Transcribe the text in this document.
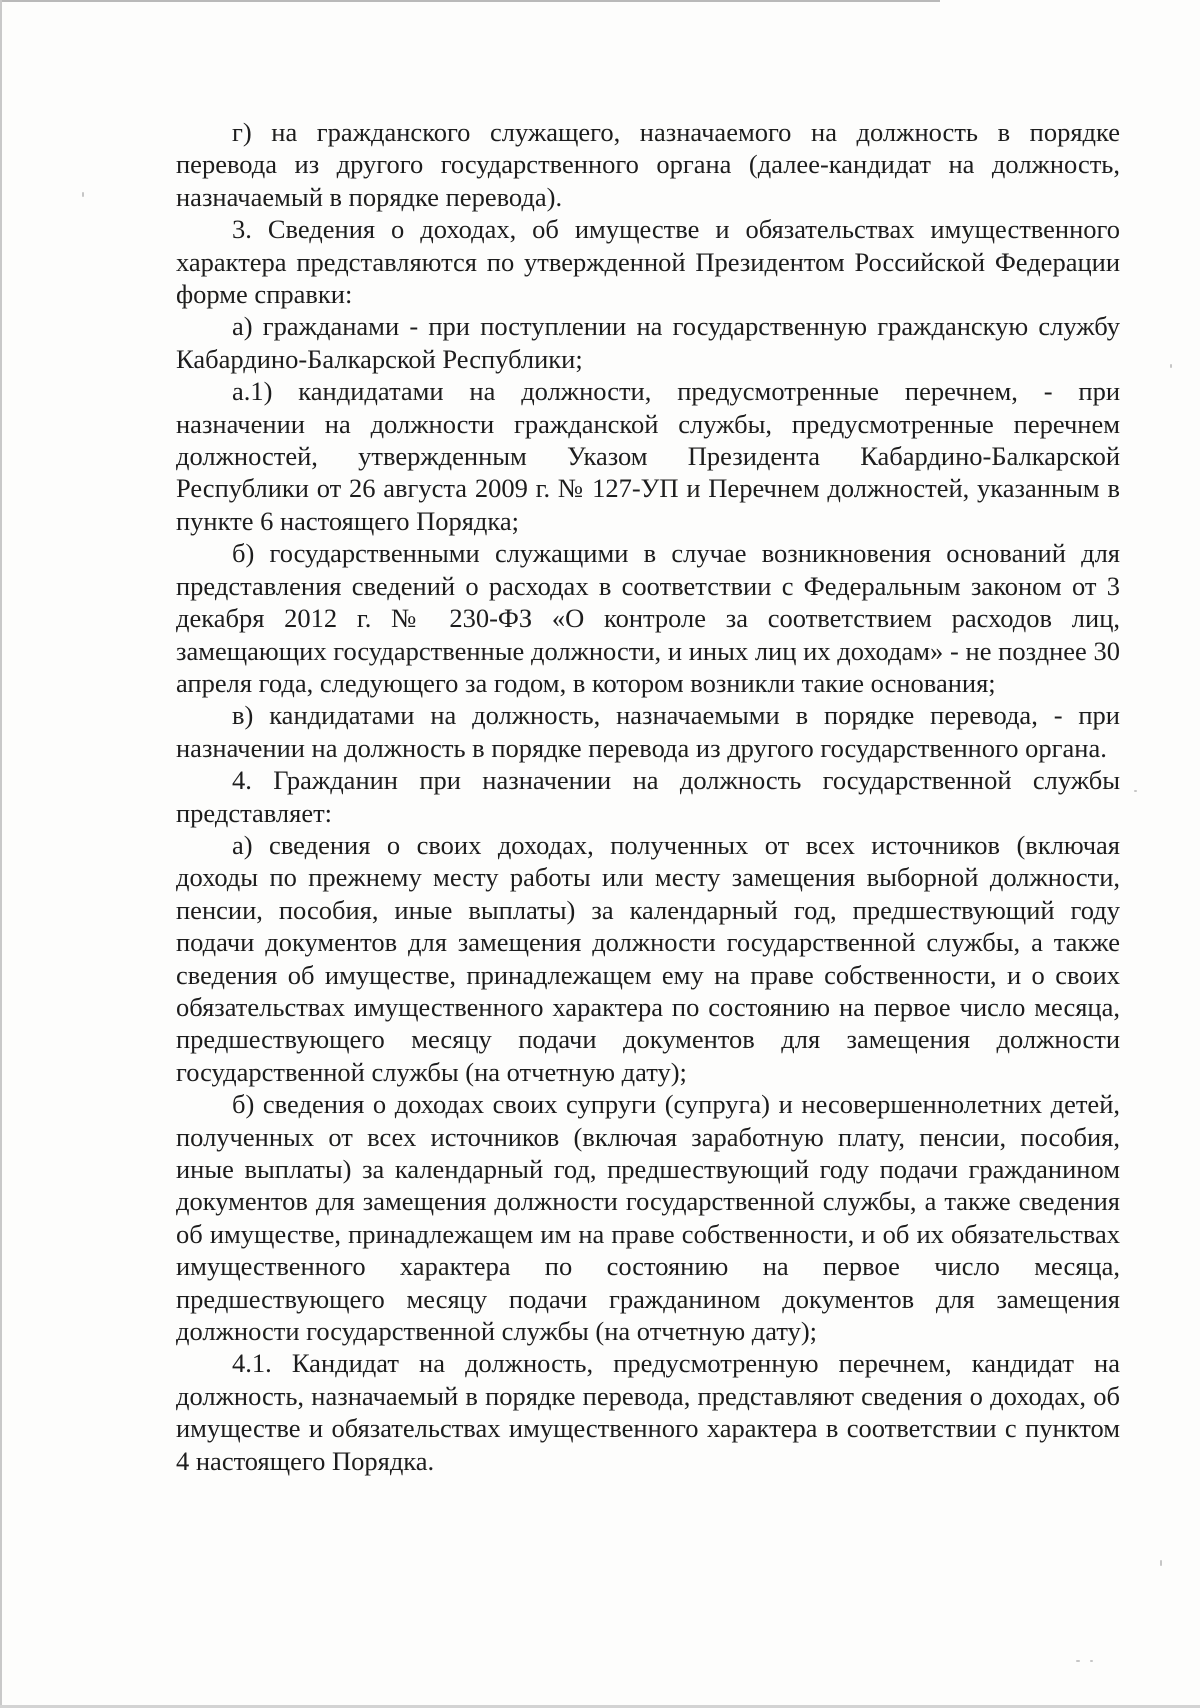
г) на гражданского служащего, назначаемого на должность в порядке перевода из другого государственного органа (далее-кандидат на должность, назначаемый в порядке перевода).

3. Сведения о доходах, об имуществе и обязательствах имущественного характера представляются по утвержденной Президентом Российской Федерации форме справки:

а) гражданами - при поступлении на государственную гражданскую службу Кабардино-Балкарской Республики;

а.1) кандидатами на должности, предусмотренные перечнем, - при назначении на должности гражданской службы, предусмотренные перечнем должностей, утвержденным Указом Президента Кабардино-Балкарской Республики от 26 августа 2009 г. № 127-УП и Перечнем должностей, указанным в пункте 6 настоящего Порядка;

б) государственными служащими в случае возникновения оснований для представления сведений о расходах в соответствии с Федеральным законом от 3 декабря 2012 г. № 230-ФЗ «О контроле за соответствием расходов лиц, замещающих государственные должности, и иных лиц их доходам» - не позднее 30 апреля года, следующего за годом, в котором возникли такие основания;

в) кандидатами на должность, назначаемыми в порядке перевода, - при назначении на должность в порядке перевода из другого государственного органа.

4. Гражданин при назначении на должность государственной службы представляет:

а) сведения о своих доходах, полученных от всех источников (включая доходы по прежнему месту работы или месту замещения выборной должности, пенсии, пособия, иные выплаты) за календарный год, предшествующий году подачи документов для замещения должности государственной службы, а также сведения об имуществе, принадлежащем ему на праве собственности, и о своих обязательствах имущественного характера по состоянию на первое число месяца, предшествующего месяцу подачи документов для замещения должности государственной службы (на отчетную дату);

б) сведения о доходах своих супруги (супруга) и несовершеннолетних детей, полученных от всех источников (включая заработную плату, пенсии, пособия, иные выплаты) за календарный год, предшествующий году подачи гражданином документов для замещения должности государственной службы, а также сведения об имуществе, принадлежащем им на праве собственности, и об их обязательствах имущественного характера по состоянию на первое число месяца, предшествующего месяцу подачи гражданином документов для замещения должности государственной службы (на отчетную дату);

4.1. Кандидат на должность, предусмотренную перечнем, кандидат на должность, назначаемый в порядке перевода, представляют сведения о доходах, об имуществе и обязательствах имущественного характера в соответствии с пунктом 4 настоящего Порядка.
